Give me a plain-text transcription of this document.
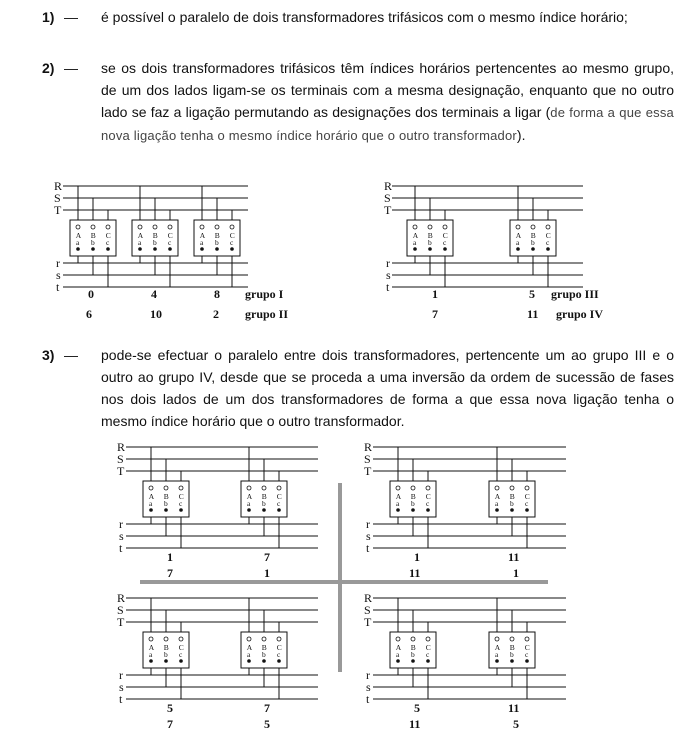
1) — é possível o paralelo de dois transformadores trifásicos com o mesmo índice horário;
2) — se os dois transformadores trifásicos têm índices horários pertencentes ao mesmo grupo, de um dos lados ligam-se os terminais com a mesma designação, enquanto que no outro lado se faz a ligação permutando as designações dos terminais a ligar (de forma a que essa nova ligação tenha o mesmo índice horário que o outro transformador).
3) — pode-se efectuar o paralelo entre dois transformadores, pertencente um ao grupo III e o outro ao grupo IV, desde que se proceda a uma inversão da ordem de sucessão de fases nos dois lados de um dos transformadores de forma a que essa nova ligação tenha o mesmo índice horário que o outro transformador.
R
S
T
r
s
t 0	4	8 grupo I
6	10	2 grupo II
R
S
T
r
s
t	1	5 grupo III
7	11 grupo IV
R
S
T
r
s
t
1	7
7	1
R
S
T
r
s
t
1	11
11	1
R
S
T
r
s
t
5	7
7	5
R
S
T
r
s
t
5	11
11	5
A
a
B
b
C
c
A
a
B
b
C
c
A
a
B
b
C
c
A
a
B
b
C
c
A
a
B
b
C
c
A
a
B
b
C
c
A
a
B
b
C
c
A
a
B
b
C
c
A
a
B
b
C
c
A
a
B
b
C
c
A
a
B
b
C
c
A
a
B
b
C
c
A
a
B
b
C
c
